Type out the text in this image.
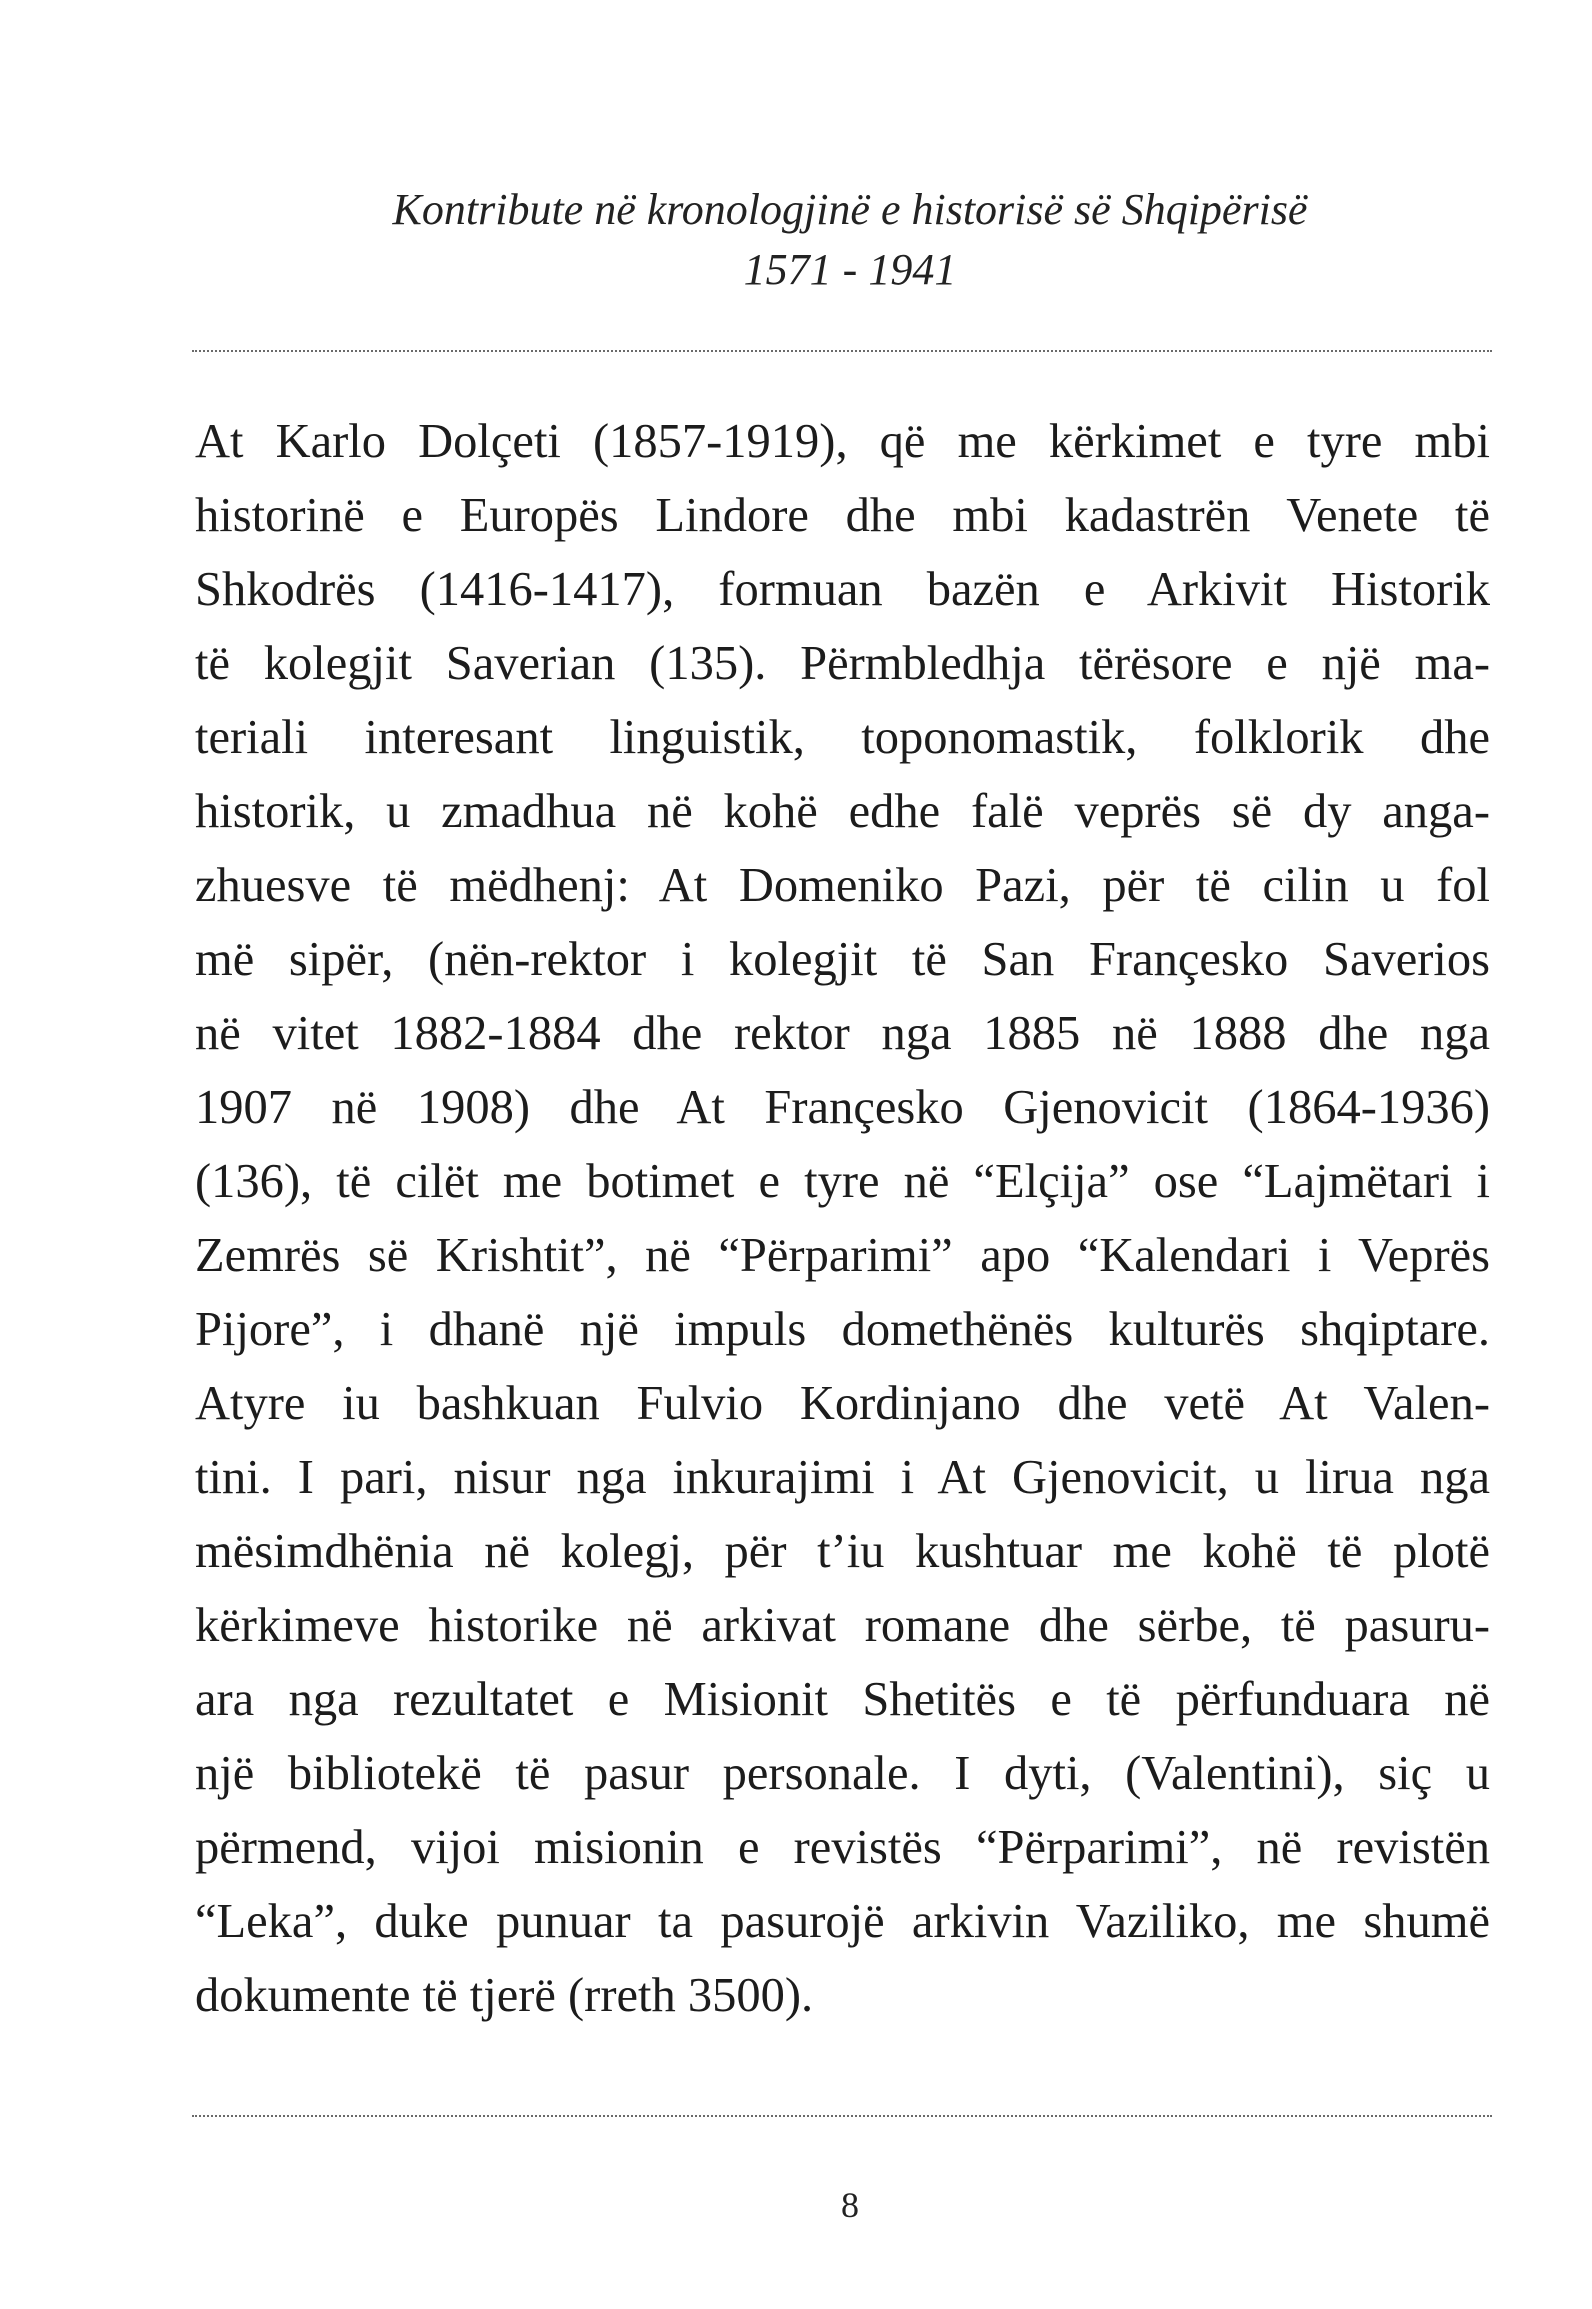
Kontribute në kronologjinë e historisë së Shqipërisë
1571 - 1941
At Karlo Dolçeti (1857-1919), që me kërkimet e tyre mbi
historinë e Europës Lindore dhe mbi kadastrën Venete të
Shkodrës (1416-1417), formuan bazën e Arkivit Historik
të kolegjit Saverian (135). Përmbledhja tërësore e një ma-
teriali interesant linguistik, toponomastik, folklorik dhe
historik, u zmadhua në kohë edhe falë veprës së dy anga-
zhuesve të mëdhenj: At Domeniko Pazi, për të cilin u fol
më sipër, (nën-rektor i kolegjit të San Françesko Saverios
në vitet 1882-1884 dhe rektor nga 1885 në 1888 dhe nga
1907 në 1908) dhe At Françesko Gjenovicit (1864-1936)
(136), të cilët me botimet e tyre në “Elçija” ose “Lajmëtari i
Zemrës së Krishtit”, në “Përparimi” apo “Kalendari i Veprës
Pijore”, i dhanë një impuls domethënës kulturës shqiptare.
Atyre iu bashkuan Fulvio Kordinjano dhe vetë At Valen-
tini. I pari, nisur nga inkurajimi i At Gjenovicit, u lirua nga
mësimdhënia në kolegj, për t’iu kushtuar me kohë të plotë
kërkimeve historike në arkivat romane dhe sërbe, të pasuru-
ara nga rezultatet e Misionit Shetitës e të përfunduara në
një bibliotekë të pasur personale. I dyti, (Valentini), siç u
përmend, vijoi misionin e revistës “Përparimi”, në revistën
“Leka”, duke punuar ta pasurojë arkivin Vaziliko, me shumë
dokumente të tjerë (rreth 3500).
8
